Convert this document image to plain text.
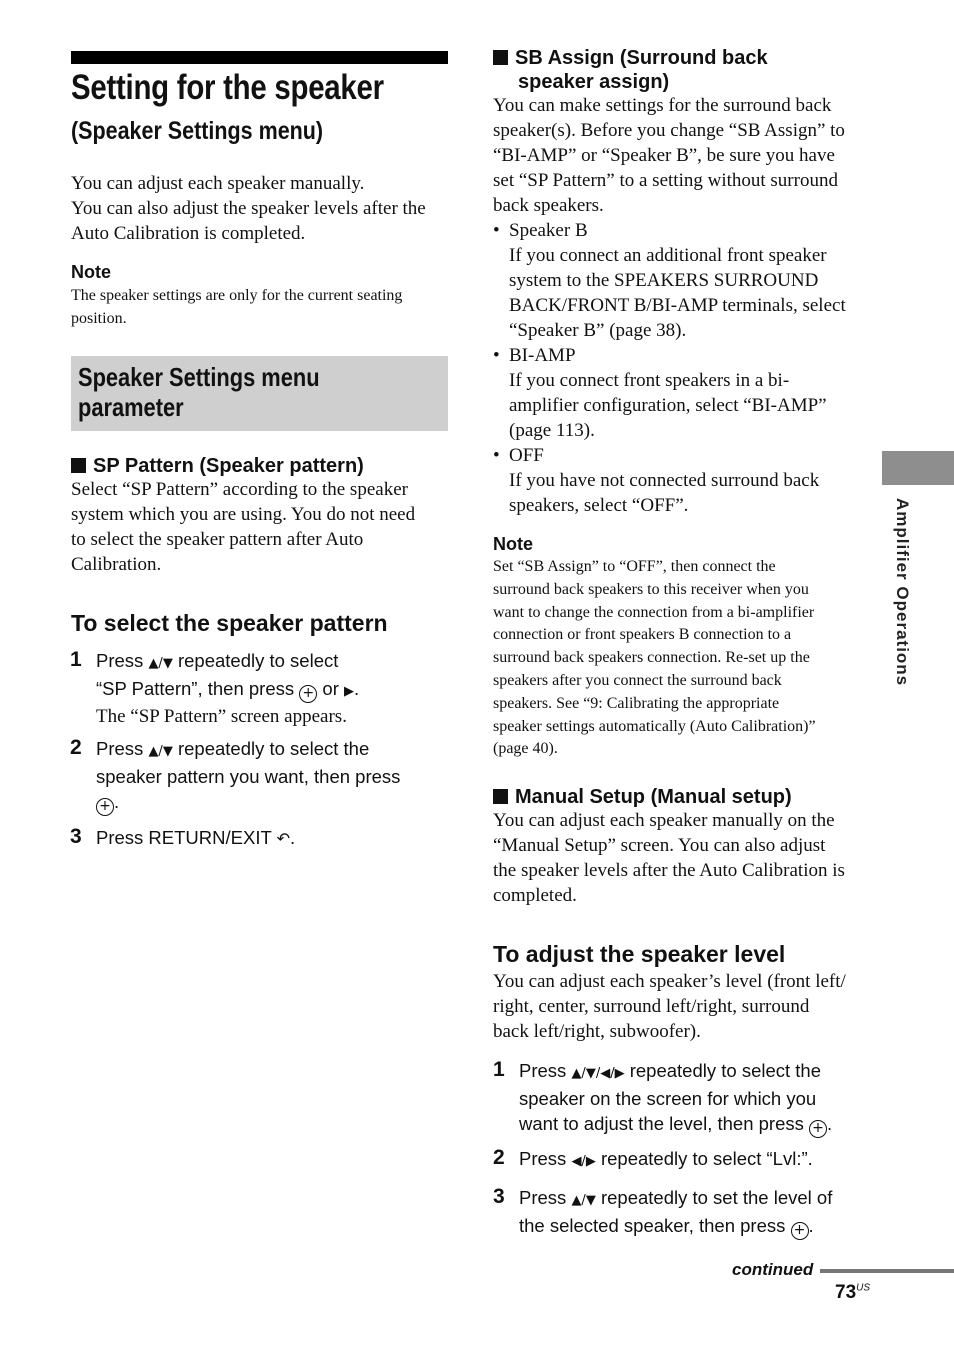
Setting for the speaker
(Speaker Settings menu)
You can adjust each speaker manually.
You can also adjust the speaker levels after the
Auto Calibration is completed.
Note
The speaker settings are only for the current seating
position.
Speaker Settings menu
parameter
SP Pattern (Speaker pattern)
Select “SP Pattern” according to the speaker
system which you are using. You do not need
to select the speaker pattern after Auto
Calibration.
To select the speaker pattern
1 Press ▲/▼ repeatedly to select
“SP Pattern”, then press + or ▶.
The “SP Pattern” screen appears.
2 Press ▲/▼ repeatedly to select the
speaker pattern you want, then press
+ .
3 Press RETURN/EXIT ↶.
SB Assign (Surround back
speaker assign)
You can make settings for the surround back
speaker(s). Before you change “SB Assign” to
“BI-AMP” or “Speaker B”, be sure you have
set “SP Pattern” to a setting without surround
back speakers.
• Speaker B
If you connect an additional front speaker
system to the SPEAKERS SURROUND
BACK/FRONT B/BI-AMP terminals, select
“Speaker B” (page 38).
• BI-AMP
If you connect front speakers in a bi-
amplifier configuration, select “BI-AMP”
(page 113).
• OFF
If you have not connected surround back
speakers, select “OFF”.
Note
Set “SB Assign” to “OFF”, then connect the
surround back speakers to this receiver when you
want to change the connection from a bi-amplifier
connection or front speakers B connection to a
surround back speakers connection. Re-set up the
speakers after you connect the surround back
speakers. See “9: Calibrating the appropriate
speaker settings automatically (Auto Calibration)”
(page 40).
Manual Setup (Manual setup)
You can adjust each speaker manually on the
“Manual Setup” screen. You can also adjust
the speaker levels after the Auto Calibration is
completed.
To adjust the speaker level
You can adjust each speaker’s level (front left/
right, center, surround left/right, surround
back left/right, subwoofer).
1 Press ▲/▼/◀/▶ repeatedly to select the
speaker on the screen for which you
want to adjust the level, then press + .
2 Press ◀/▶ repeatedly to select “Lvl:”.
3 Press ▲/▼ repeatedly to set the level of
the selected speaker, then press + .
Amplifier Operations
continued
$73^{US}$
